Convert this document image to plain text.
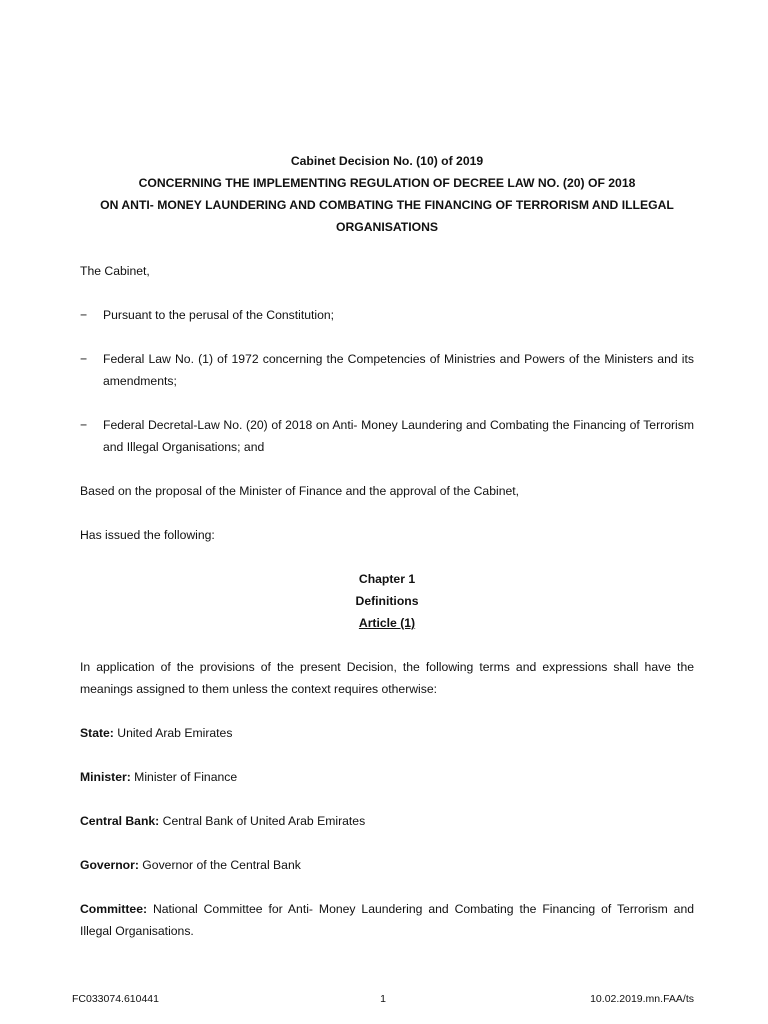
Cabinet Decision No. (10) of 2019

CONCERNING THE IMPLEMENTING REGULATION OF DECREE LAW NO. (20) OF 2018

ON ANTI- MONEY LAUNDERING AND COMBATING THE FINANCING OF TERRORISM AND ILLEGAL

ORGANISATIONS

The Cabinet,

− Pursuant to the perusal of the Constitution;
− Federal Law No. (1) of 1972 concerning the Competencies of Ministries and Powers of the Ministers and its amendments;
− Federal Decretal-Law No. (20) of 2018 on Anti- Money Laundering and Combating the Financing of Terrorism and Illegal Organisations; and

Based on the proposal of the Minister of Finance and the approval of the Cabinet,

Has issued the following:

Chapter 1

Definitions

Article (1)

In application of the provisions of the present Decision, the following terms and expressions shall have the meanings assigned to them unless the context requires otherwise:

State: United Arab Emirates

Minister: Minister of Finance

Central Bank: Central Bank of United Arab Emirates

Governor: Governor of the Central Bank

Committee: National Committee for Anti- Money Laundering and Combating the Financing of Terrorism and Illegal Organisations.

FC033074.610441	1	10.02.2019.mn.FAA/ts
